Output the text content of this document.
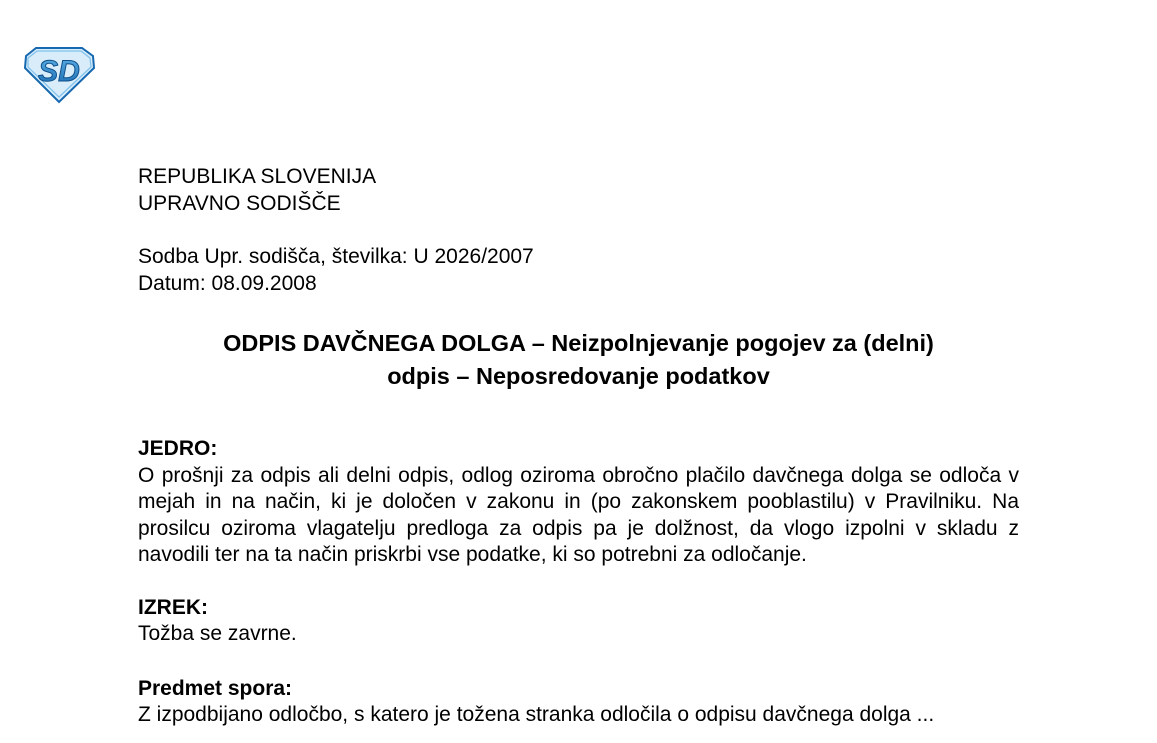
SD

REPUBLIKA SLOVENIJA

UPRAVNO SODIŠČE

Sodba Upr. sodišča, številka: U 2026/2007

Datum: 08.09.2008

ODPIS DAVČNEGA DOLGA – Neizpolnjevanje pogojev za (delni)
odpis – Neposredovanje podatkov

JEDRO:

O prošnji za odpis ali delni odpis, odlog oziroma obročno plačilo davčnega dolga se odloča v mejah in na način, ki je določen v zakonu in (po zakonskem pooblastilu) v Pravilniku. Na prosilcu oziroma vlagatelju predloga za odpis pa je dolžnost, da vlogo izpolni v skladu z navodili ter na ta način priskrbi vse podatke, ki so potrebni za odločanje.

IZREK:

Tožba se zavrne.

Predmet spora:

Z izpodbijano odločbo, s katero je tožena stranka odločila o odpisu davčnega dolga ...
